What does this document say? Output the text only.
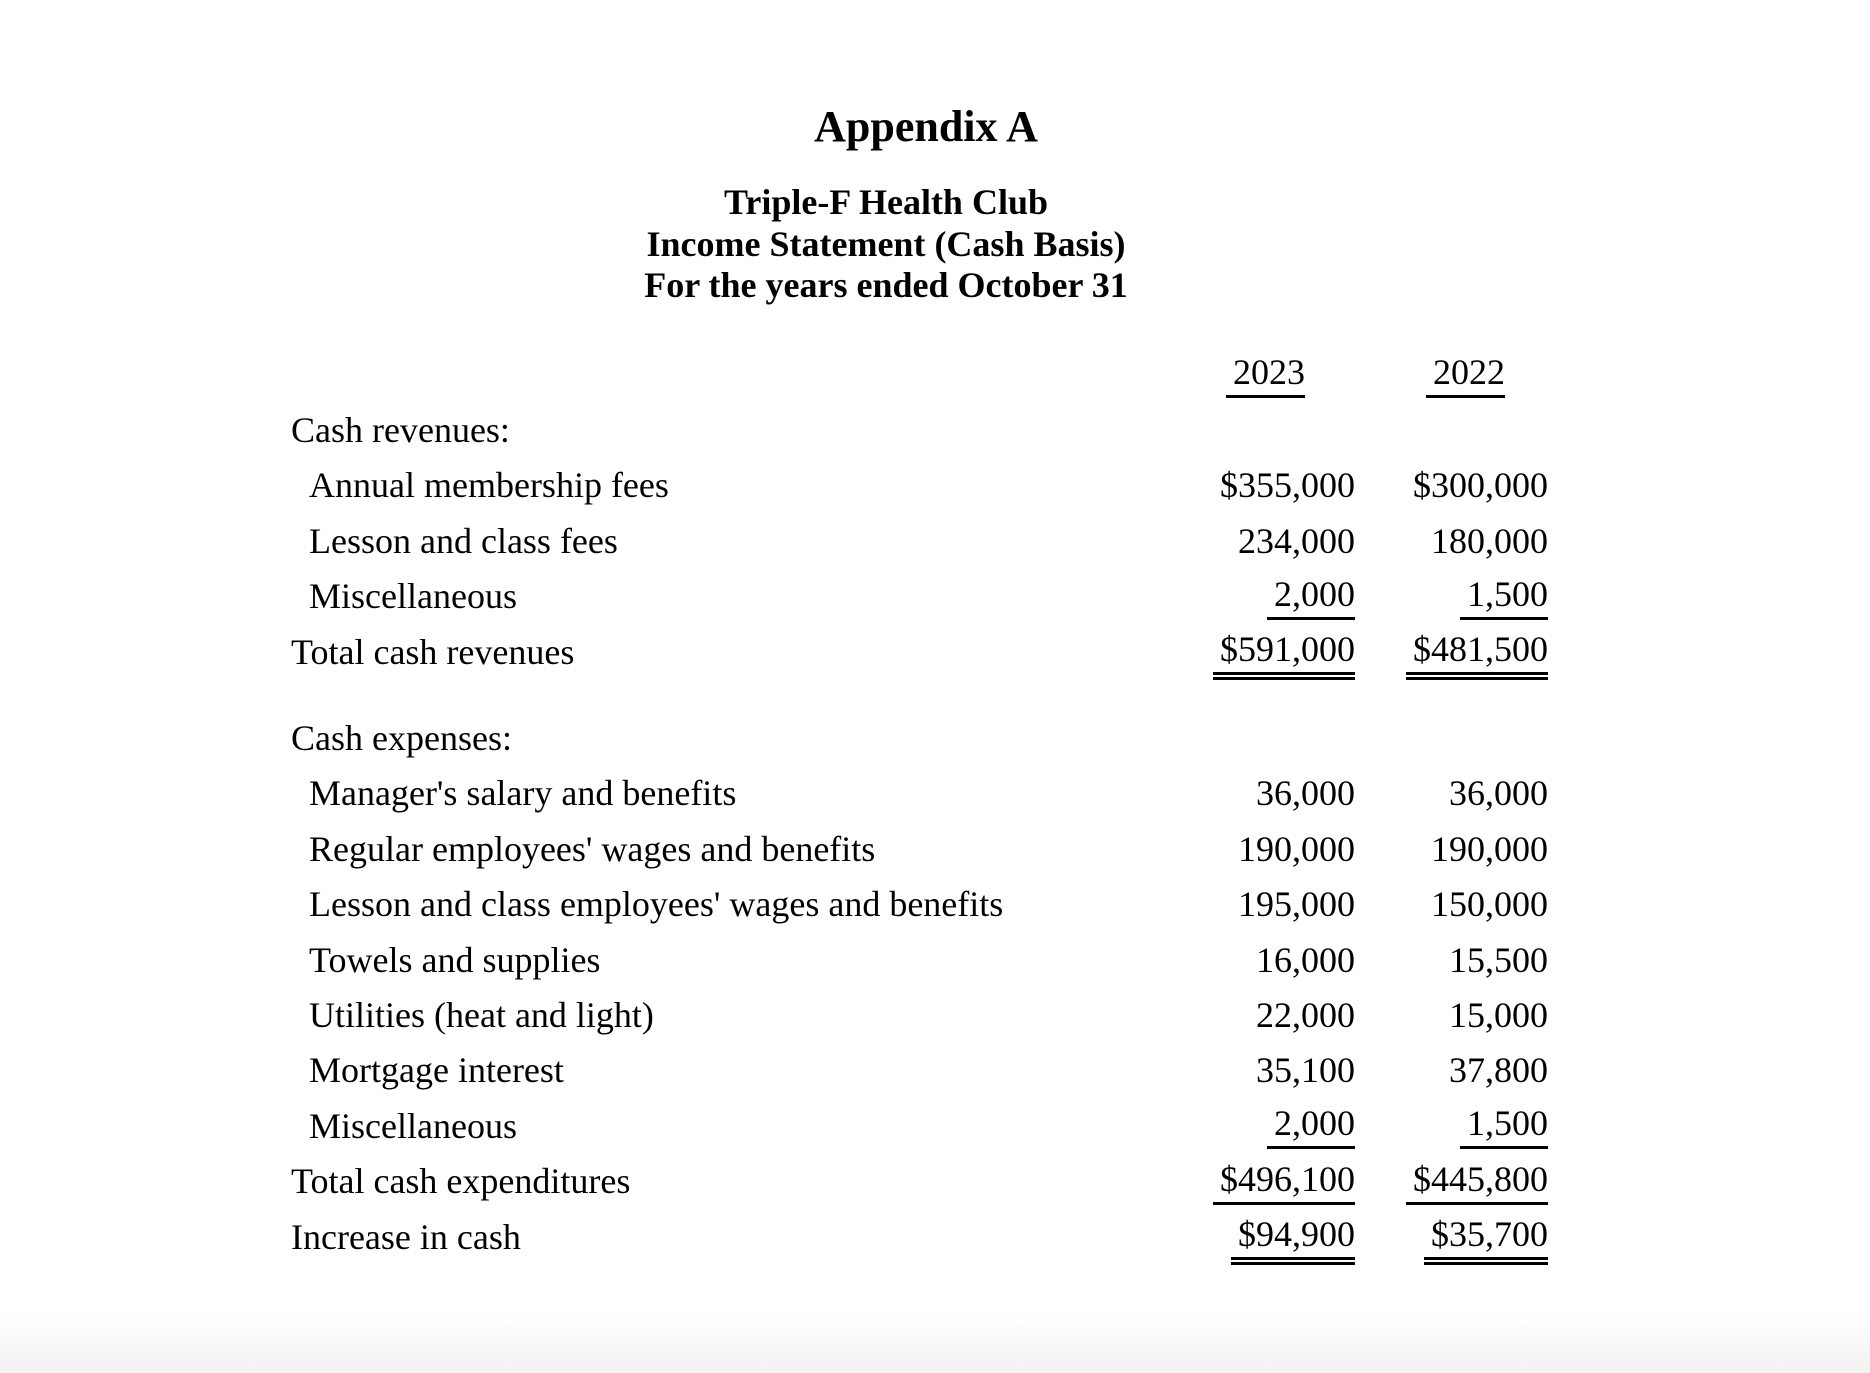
Appendix A
Triple-F Health Club
Income Statement (Cash Basis)
For the years ended October 31
2023	2022
Cash revenues:
Annual membership fees	$355,000	$300,000
Lesson and class fees	234,000	180,000
Miscellaneous	2,000	1,500
Total cash revenues	$591,000	$481,500
Cash expenses:
Manager's salary and benefits	36,000	36,000
Regular employees' wages and benefits	190,000	190,000
Lesson and class employees' wages and benefits	195,000	150,000
Towels and supplies	16,000	15,500
Utilities (heat and light)	22,000	15,000
Mortgage interest	35,100	37,800
Miscellaneous	2,000	1,500
Total cash expenditures	$496,100	$445,800
Increase in cash	$94,900	$35,700
